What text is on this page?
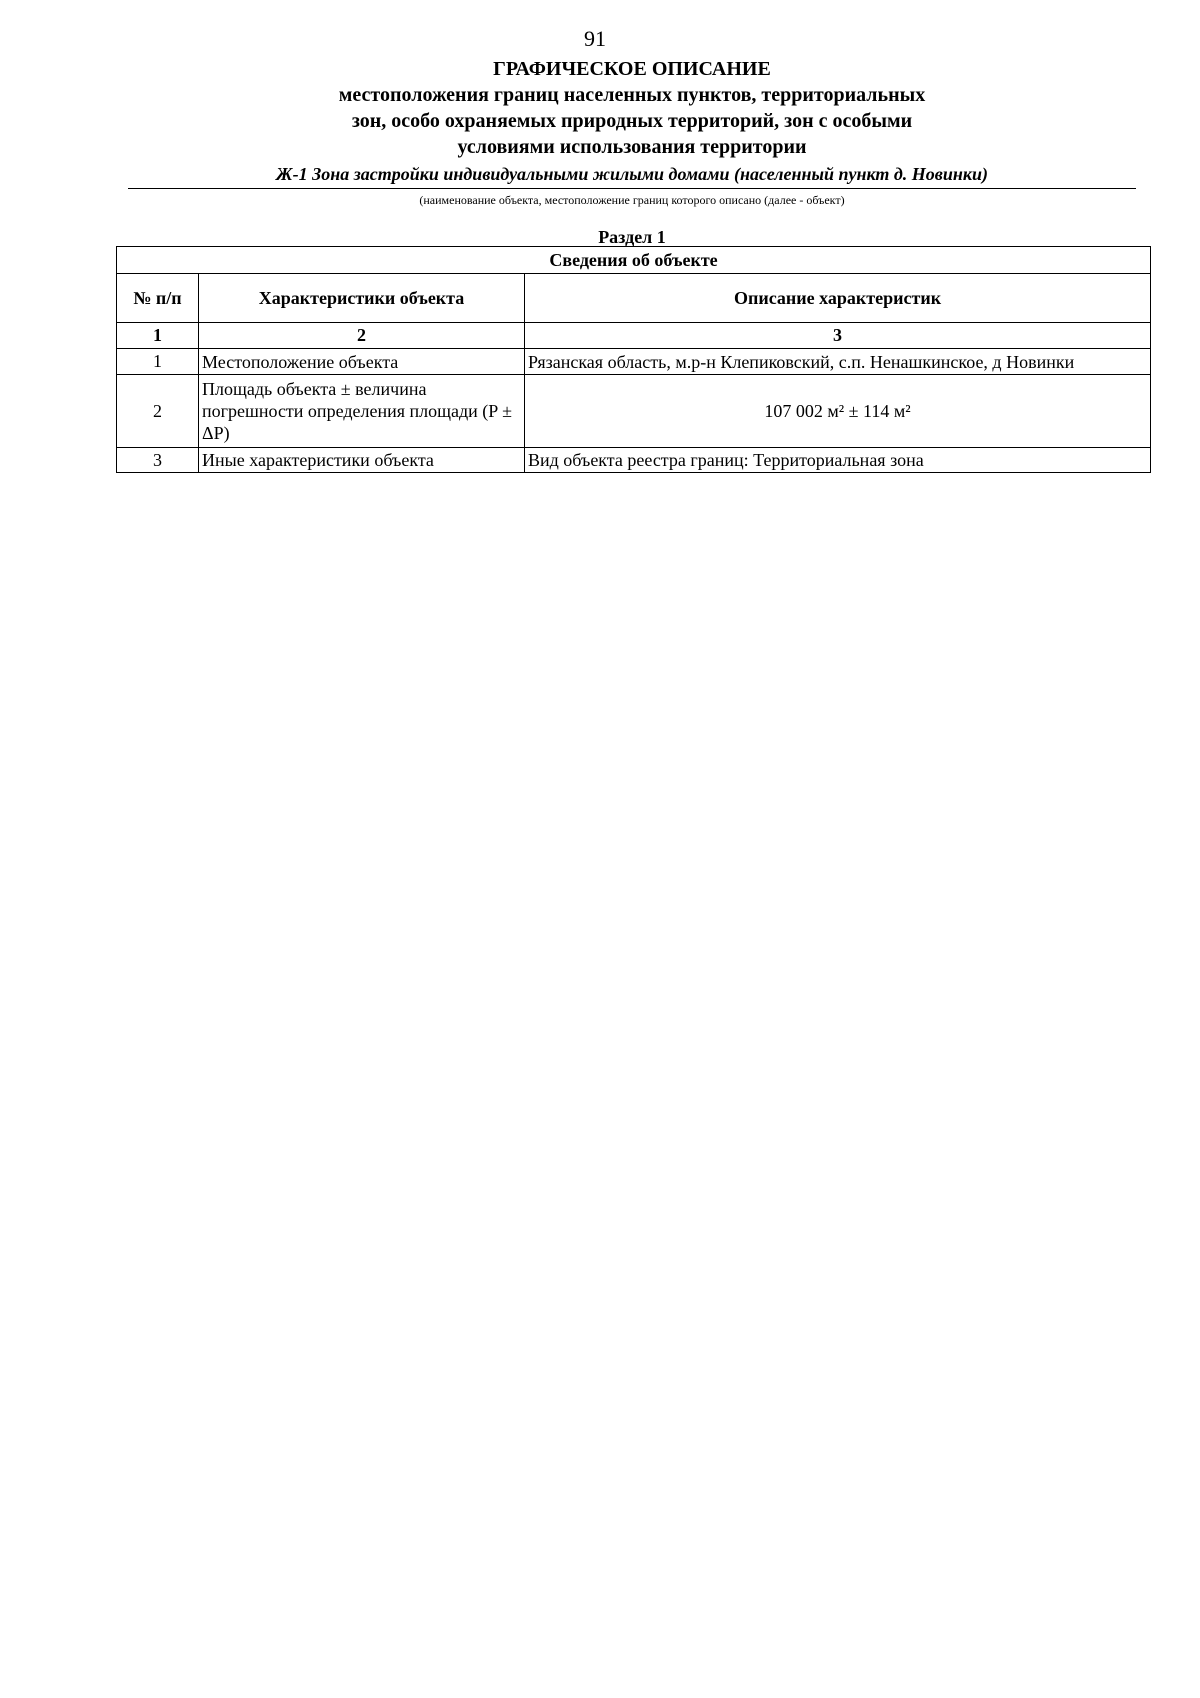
91
ГРАФИЧЕСКОЕ ОПИСАНИЕ
местоположения границ населенных пунктов, территориальных
зон, особо охраняемых природных территорий, зон с особыми
условиями использования территории
Ж-1 Зона застройки индивидуальными жилыми домами (населенный пункт д. Новинки)
(наименование объекта, местоположение границ которого описано (далее - объект)
Раздел 1
Сведения об объекте		
№ п/п	Характеристики объекта	Описание характеристик
1	2	3
1	Местоположение объекта	Рязанская область, м.р-н Клепиковский, с.п. Ненашкинское, д Новинки
2	Площадь объекта ± величина погрешности определения площади (P ± ΔP)	107 002 м² ± 114 м²
3	Иные характеристики объекта	Вид объекта реестра границ: Территориальная зона
